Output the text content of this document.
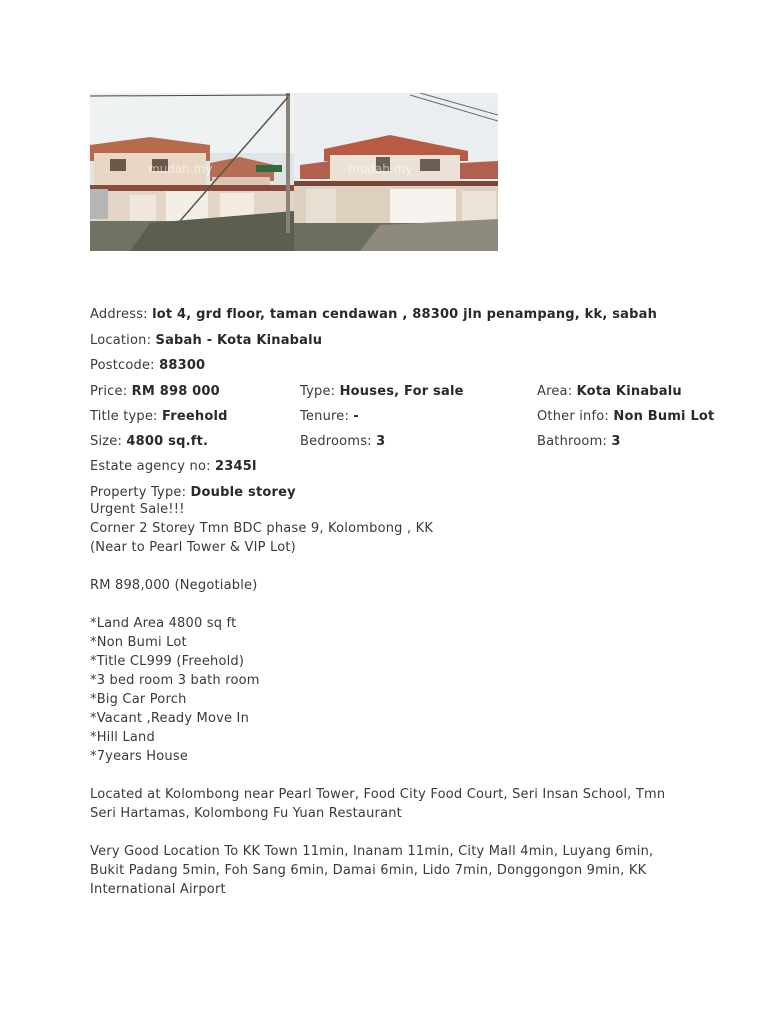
mudah.my	mudah.my
Address: lot 4, grd floor, taman cendawan , 88300 jln penampang, kk, sabah
Location: Sabah - Kota Kinabalu
Postcode: 88300
Price: RM 898 000	Type: Houses, For sale	Area: Kota Kinabalu
Title type: Freehold	Tenure: -	Other info: Non Bumi Lot
Size: 4800 sq.ft.	Bedrooms: 3	Bathroom: 3
Estate agency no: 2345l
Property Type: Double storey

Urgent Sale!!!

Corner 2 Storey Tmn BDC phase 9, Kolombong , KK

(Near to Pearl Tower & VIP Lot)

RM 898,000 (Negotiable)

*Land Area 4800 sq ft

*Non Bumi Lot

*Title CL999 (Freehold)

*3 bed room 3 bath room

*Big Car Porch

*Vacant ,Ready Move In

*Hill Land

*7years House

Located at Kolombong near Pearl Tower, Food City Food Court, Seri Insan School, Tmn

Seri Hartamas, Kolombong Fu Yuan Restaurant

Very Good Location To KK Town 11min, Inanam 11min, City Mall 4min, Luyang 6min,

Bukit Padang 5min, Foh Sang 6min, Damai 6min, Lido 7min, Donggongon 9min, KK

International Airport
